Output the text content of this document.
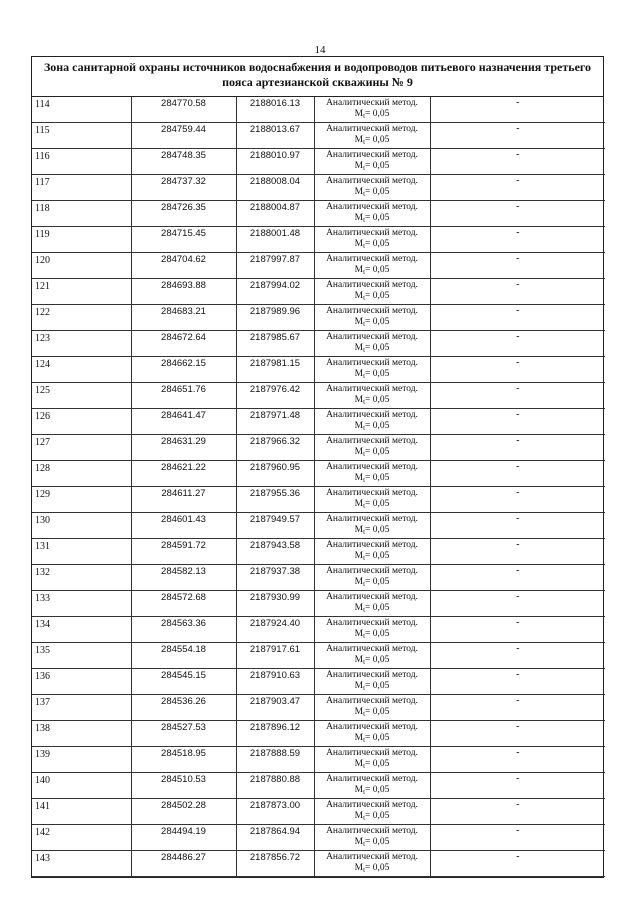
14
Зона санитарной охраны источников водоснабжения и водопроводов питьевого назначения третьего пояса артезианской скважины № 9
114	284770.58	2188016.13	Аналитический метод.
$М_t= 0,05$	-
115	284759.44	2188013.67	Аналитический метод.
$М_t= 0,05$	-
116	284748.35	2188010.97	Аналитический метод.
$М_t= 0,05$	-
117	284737.32	2188008.04	Аналитический метод.
$М_t= 0,05$	-
118	284726.35	2188004.87	Аналитический метод.
$М_t= 0,05$	-
119	284715.45	2188001.48	Аналитический метод.
$М_t= 0,05$	-
120	284704.62	2187997.87	Аналитический метод.
$М_t= 0,05$	-
121	284693.88	2187994.02	Аналитический метод.
$М_t= 0,05$	-
122	284683.21	2187989.96	Аналитический метод.
$М_t= 0,05$	-
123	284672.64	2187985.67	Аналитический метод.
$М_t= 0,05$	-
124	284662.15	2187981.15	Аналитический метод.
$М_t= 0,05$	-
125	284651.76	2187976.42	Аналитический метод.
$М_t= 0,05$	-
126	284641.47	2187971.48	Аналитический метод.
$М_t= 0,05$	-
127	284631.29	2187966.32	Аналитический метод.
$М_t= 0,05$	-
128	284621.22	2187960.95	Аналитический метод.
$М_t= 0,05$	-
129	284611.27	2187955.36	Аналитический метод.
$М_t= 0,05$	-
130	284601.43	2187949.57	Аналитический метод.
$М_t= 0,05$	-
131	284591.72	2187943.58	Аналитический метод.
$М_t= 0,05$	-
132	284582.13	2187937.38	Аналитический метод.
$М_t= 0,05$	-
133	284572.68	2187930.99	Аналитический метод.
$М_t= 0,05$	-
134	284563.36	2187924.40	Аналитический метод.
$М_t= 0,05$	-
135	284554.18	2187917.61	Аналитический метод.
$М_t= 0,05$	-
136	284545.15	2187910.63	Аналитический метод.
$М_t= 0,05$	-
137	284536.26	2187903.47	Аналитический метод.
$М_t= 0,05$	-
138	284527.53	2187896.12	Аналитический метод.
$М_t= 0,05$	-
139	284518.95	2187888.59	Аналитический метод.
$М_t= 0,05$	-
140	284510.53	2187880.88	Аналитический метод.
$М_t= 0,05$	-
141	284502.28	2187873.00	Аналитический метод.
$М_t= 0,05$	-
142	284494.19	2187864.94	Аналитический метод.
$М_t= 0,05$	-
143	284486.27	2187856.72	Аналитический метод.
$М_t= 0,05$	-
